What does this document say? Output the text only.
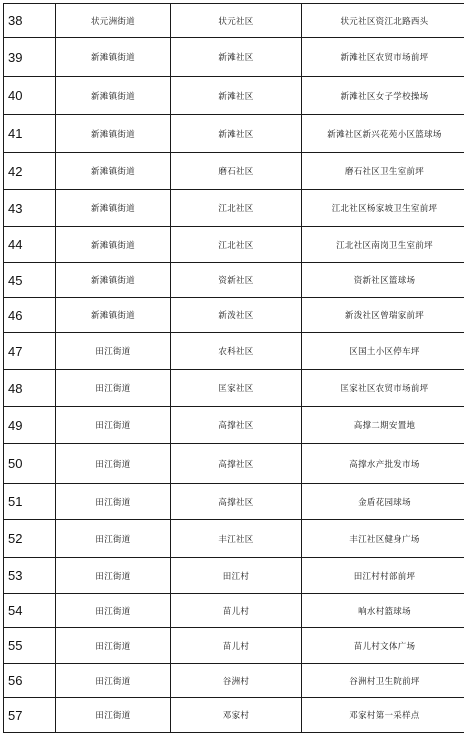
38	状元洲街道	状元社区	状元社区资江北路西头
39	新滩镇街道	新滩社区	新滩社区农贸市场前坪
40	新滩镇街道	新滩社区	新滩社区女子学校操场
41	新滩镇街道	新滩社区	新滩社区新兴花苑小区篮球场
42	新滩镇街道	磨石社区	磨石社区卫生室前坪
43	新滩镇街道	江北社区	江北社区杨家坡卫生室前坪
44	新滩镇街道	江北社区	江北社区南岗卫生室前坪
45	新滩镇街道	资新社区	资新社区篮球场
46	新滩镇街道	新泼社区	新泼社区曾瑞家前坪
47	田江街道	农科社区	区国土小区停车坪
48	田江街道	匡家社区	匡家社区农贸市场前坪
49	田江街道	高撑社区	高撑二期安置地
50	田江街道	高撑社区	高撑水产批发市场
51	田江街道	高撑社区	金盾花园球场
52	田江街道	丰江社区	丰江社区健身广场
53	田江街道	田江村	田江村村部前坪
54	田江街道	苗儿村	响水村篮球场
55	田江街道	苗儿村	苗儿村文体广场
56	田江街道	谷洲村	谷洲村卫生院前坪
57	田江街道	邓家村	邓家村第一采样点
